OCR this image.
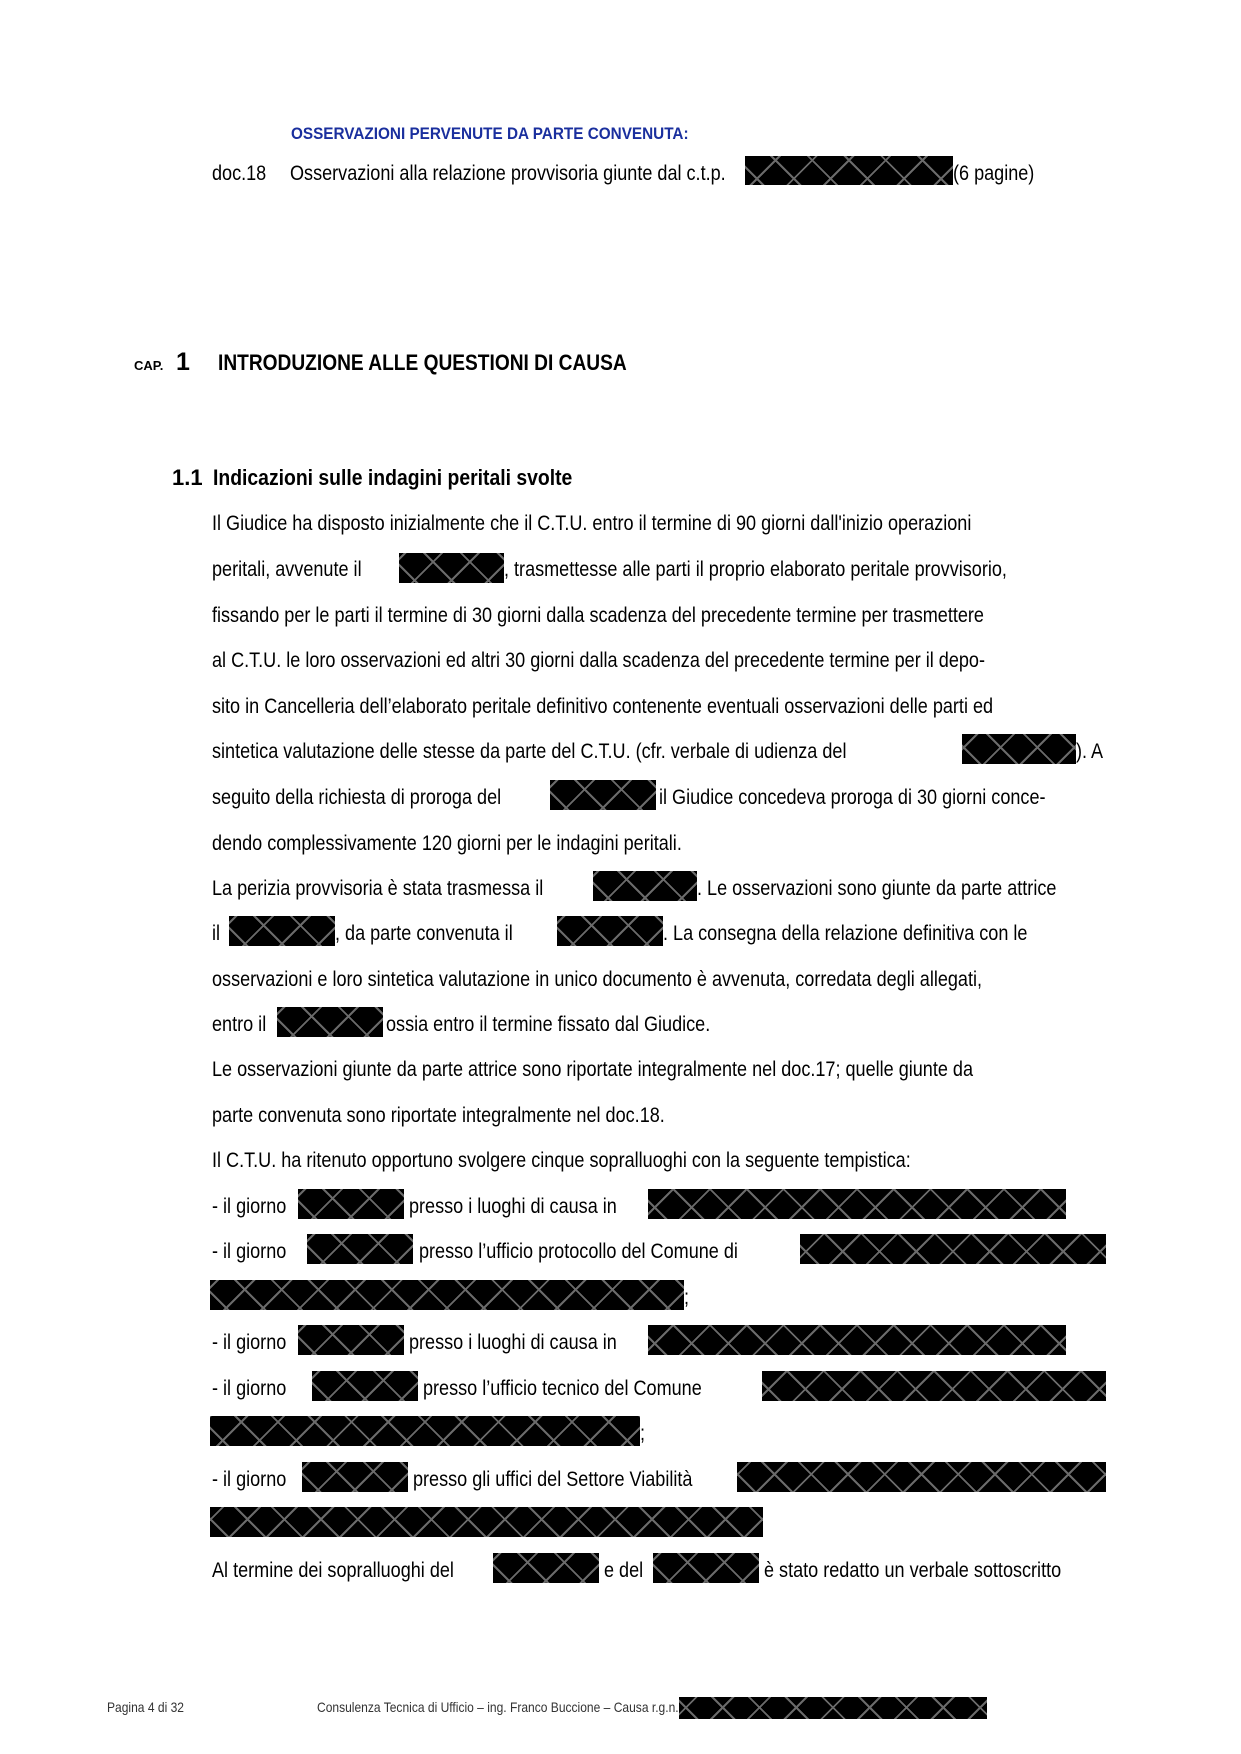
OSSERVAZIONI PERVENUTE DA PARTE CONVENUTA:
doc.18 Osservazioni alla relazione provvisoria giunte dal c.t.p.	(6 pagine)
CAP. 1 INTRODUZIONE ALLE QUESTIONI DI CAUSA
1.1 Indicazioni sulle indagini peritali svolte
Il Giudice ha disposto inizialmente che il C.T.U. entro il termine di 90 giorni dall'inizio operazioni
peritali, avvenute il	, trasmettesse alle parti il proprio elaborato peritale provvisorio,
fissando per le parti il termine di 30 giorni dalla scadenza del precedente termine per trasmettere
al C.T.U. le loro osservazioni ed altri 30 giorni dalla scadenza del precedente termine per il depo-
sito in Cancelleria dell’elaborato peritale definitivo contenente eventuali osservazioni delle parti ed
sintetica valutazione delle stesse da parte del C.T.U. (cfr. verbale di udienza del	). A
seguito della richiesta di proroga del	il Giudice concedeva proroga di 30 giorni conce-
dendo complessivamente 120 giorni per le indagini peritali.
La perizia provvisoria è stata trasmessa il	. Le osservazioni sono giunte da parte attrice
il	, da parte convenuta il	. La consegna della relazione definitiva con le
osservazioni e loro sintetica valutazione in unico documento è avvenuta, corredata degli allegati,
entro il	ossia entro il termine fissato dal Giudice.
Le osservazioni giunte da parte attrice sono riportate integralmente nel doc.17; quelle giunte da
parte convenuta sono riportate integralmente nel doc.18.
Il C.T.U. ha ritenuto opportuno svolgere cinque sopralluoghi con la seguente tempistica:
- il giorno	presso i luoghi di causa in
- il giorno	presso l’ufficio protocollo del Comune di
;
- il giorno	presso i luoghi di causa in
- il giorno	presso l’ufficio tecnico del Comune
;
- il giorno	presso gli uffici del Settore Viabilità
Al termine dei sopralluoghi del	e del	è stato redatto un verbale sottoscritto
Pagina 4 di 32	Consulenza Tecnica di Ufficio – ing. Franco Buccione – Causa r.g.n.
